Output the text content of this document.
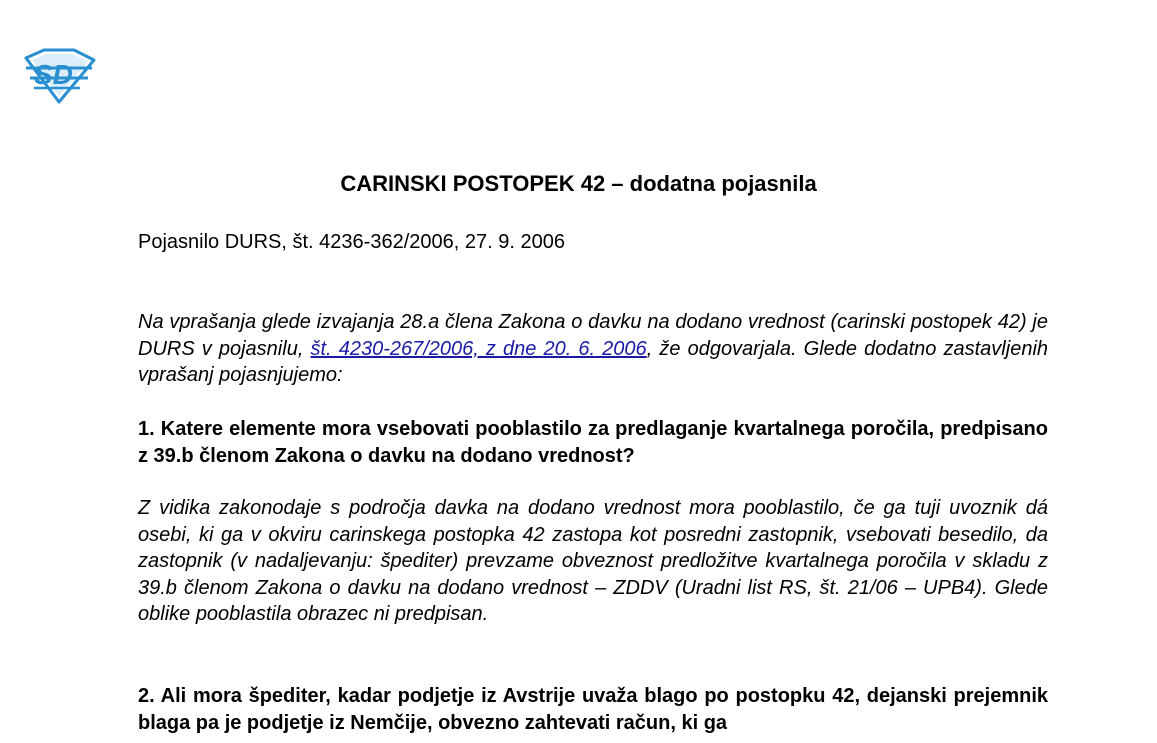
SD
CARINSKI POSTOPEK 42 – dodatna pojasnila

Pojasnilo DURS, št. 4236-362/2006, 27. 9. 2006

Na vprašanja glede izvajanja 28.a člena Zakona o davku na dodano vrednost (carinski postopek 42) je DURS v pojasnilu, št. 4230-267/2006, z dne 20. 6. 2006, že odgovarjala. Glede dodatno zastavljenih vprašanj pojasnjujemo:

1. Katere elemente mora vsebovati pooblastilo za predlaganje kvartalnega poročila, predpisano z 39.b členom Zakona o davku na dodano vrednost?

Z vidika zakonodaje s področja davka na dodano vrednost mora pooblastilo, če ga tuji uvoznik dá osebi, ki ga v okviru carinskega postopka 42 zastopa kot posredni zastopnik, vsebovati besedilo, da zastopnik (v nadaljevanju: špediter) prevzame obveznost predložitve kvartalnega poročila v skladu z 39.b členom Zakona o davku na dodano vrednost – ZDDV (Uradni list RS, št. 21/06 – UPB4). Glede oblike pooblastila obrazec ni predpisan.

2. Ali mora špediter, kadar podjetje iz Avstrije uvaža blago po postopku 42, dejanski prejemnik blaga pa je podjetje iz Nemčije, obvezno zahtevati račun, ki ga
